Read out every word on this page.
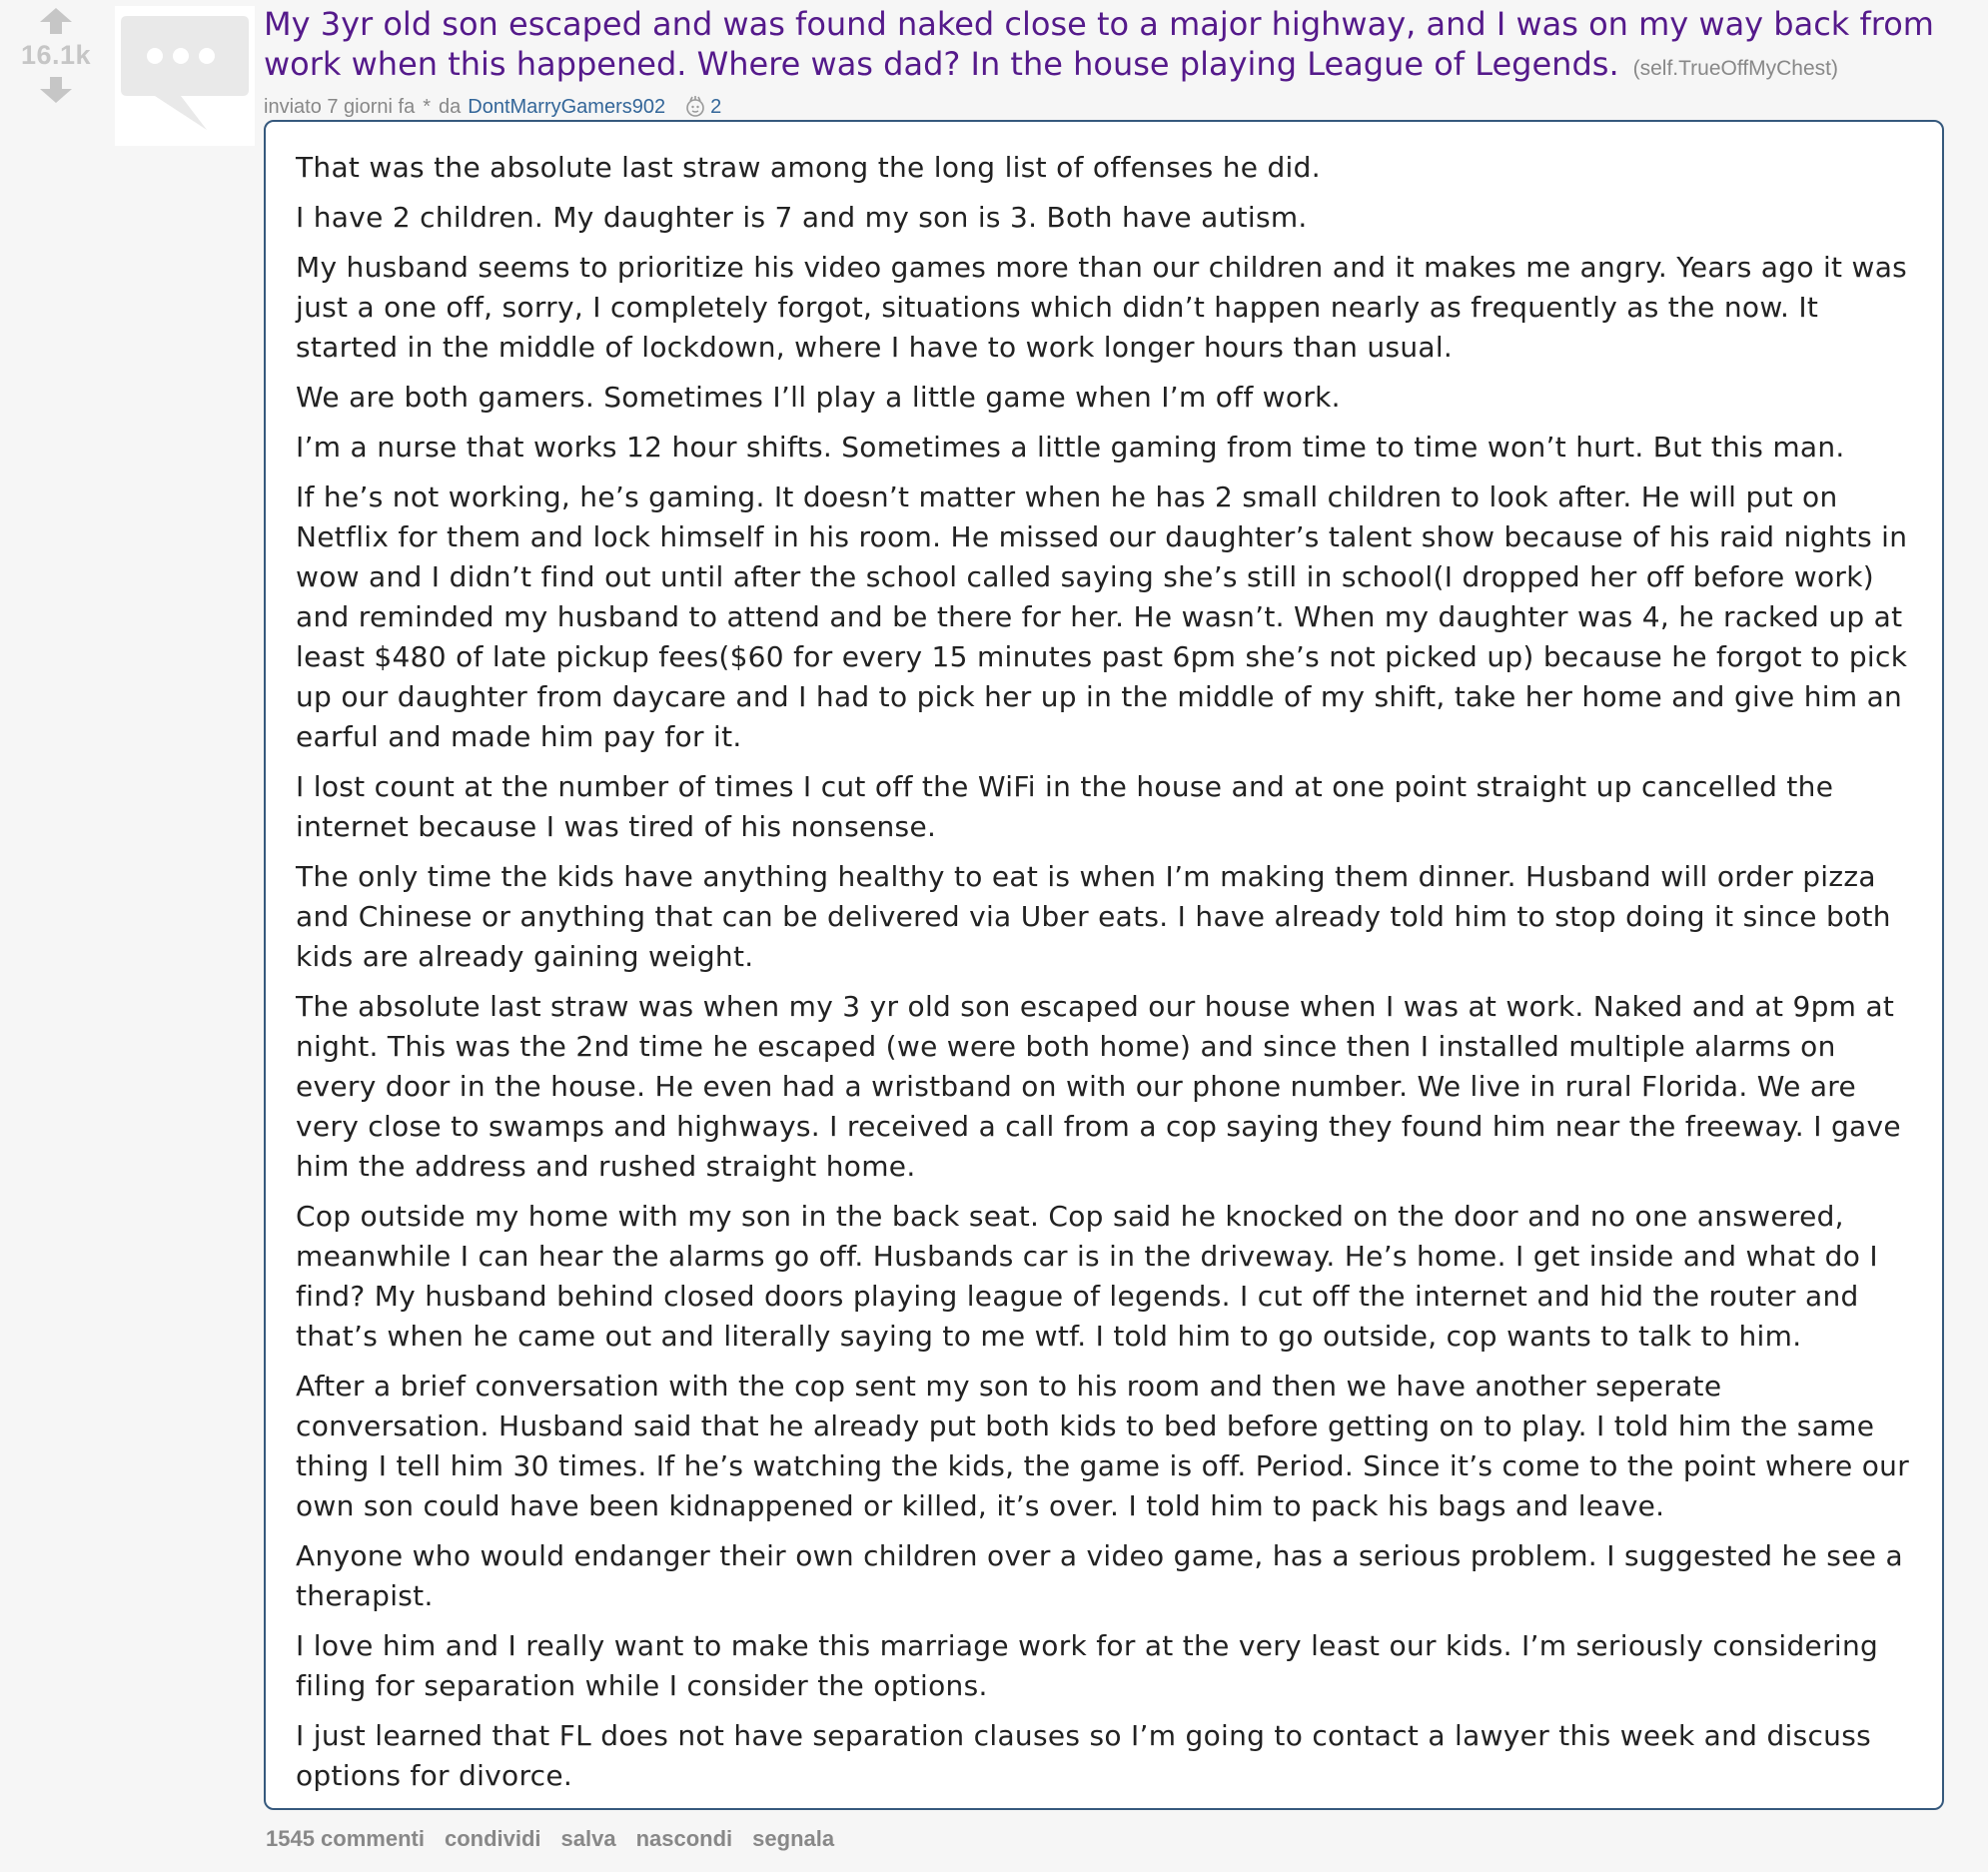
16.1k

My 3yr old son escaped and was found naked close to a major highway, and I was on my way back from work when this happened. Where was dad? In the house playing League of Legends. (self.TrueOffMyChest)

inviato 7 giorni fa * da DontMarryGamers902 2

That was the absolute last straw among the long list of offenses he did.

I have 2 children. My daughter is 7 and my son is 3. Both have autism.

My husband seems to prioritize his video games more than our children and it makes me angry. Years ago it was just a one off, sorry, I completely forgot, situations which didn’t happen nearly as frequently as the now. It started in the middle of lockdown, where I have to work longer hours than usual.

We are both gamers. Sometimes I’ll play a little game when I’m off work.

I’m a nurse that works 12 hour shifts. Sometimes a little gaming from time to time won’t hurt. But this man.

If he’s not working, he’s gaming. It doesn’t matter when he has 2 small children to look after. He will put on Netflix for them and lock himself in his room. He missed our daughter’s talent show because of his raid nights in wow and I didn’t find out until after the school called saying she’s still in school(I dropped her off before work) and reminded my husband to attend and be there for her. He wasn’t. When my daughter was 4, he racked up at least $480 of late pickup fees($60 for every 15 minutes past 6pm she’s not picked up) because he forgot to pick up our daughter from daycare and I had to pick her up in the middle of my shift, take her home and give him an earful and made him pay for it.

I lost count at the number of times I cut off the WiFi in the house and at one point straight up cancelled the internet because I was tired of his nonsense.

The only time the kids have anything healthy to eat is when I’m making them dinner. Husband will order pizza and Chinese or anything that can be delivered via Uber eats. I have already told him to stop doing it since both kids are already gaining weight.

The absolute last straw was when my 3 yr old son escaped our house when I was at work. Naked and at 9pm at night. This was the 2nd time he escaped (we were both home) and since then I installed multiple alarms on every door in the house. He even had a wristband on with our phone number. We live in rural Florida. We are very close to swamps and highways. I received a call from a cop saying they found him near the freeway. I gave him the address and rushed straight home.

Cop outside my home with my son in the back seat. Cop said he knocked on the door and no one answered, meanwhile I can hear the alarms go off. Husbands car is in the driveway. He’s home. I get inside and what do I find? My husband behind closed doors playing league of legends. I cut off the internet and hid the router and that’s when he came out and literally saying to me wtf. I told him to go outside, cop wants to talk to him.

After a brief conversation with the cop sent my son to his room and then we have another seperate conversation. Husband said that he already put both kids to bed before getting on to play. I told him the same thing I tell him 30 times. If he’s watching the kids, the game is off. Period. Since it’s come to the point where our own son could have been kidnappened or killed, it’s over. I told him to pack his bags and leave.

Anyone who would endanger their own children over a video game, has a serious problem. I suggested he see a therapist.

I love him and I really want to make this marriage work for at the very least our kids. I’m seriously considering filing for separation while I consider the options.

I just learned that FL does not have separation clauses so I’m going to contact a lawyer this week and discuss options for divorce.

1545 commenti condividi salva nascondi segnala
